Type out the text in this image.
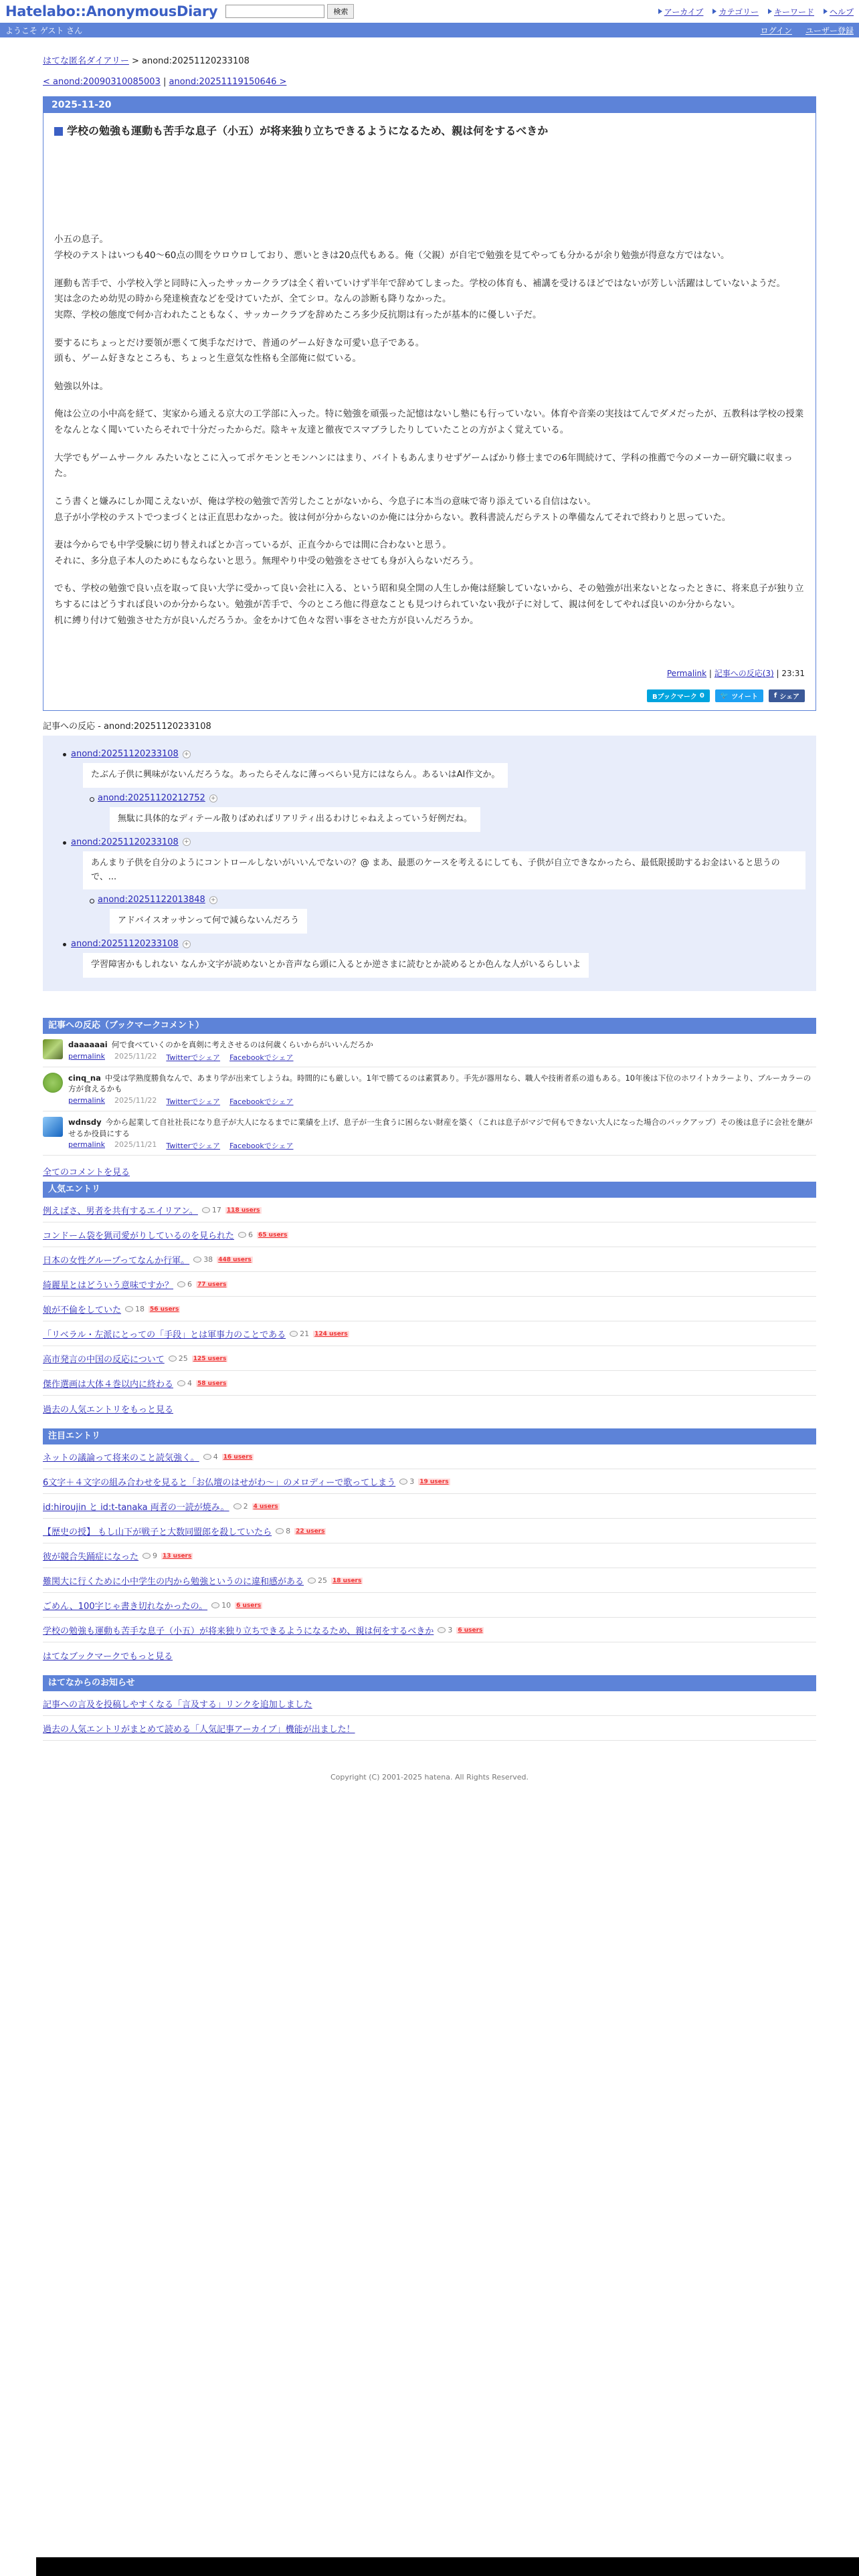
Hatelabo::AnonymousDiary	検索	アーカイブ カテゴリー キーワード ヘルプ
ようこそ ゲスト さん	ログイン ユーザー登録
はてな匿名ダイアリー > anond:20251120233108
< anond:20090310085003 | anond:20251119150646 >
2025-11-20
学校の勉強も運動も苦手な息子（小五）が将来独り立ちできるようになるため、親は何をするべきか

小五の息子。
学校のテストはいつも40〜60点の間をウロウロしており、悪いときは20点代もある。俺（父親）が自宅で勉強を見てやっても分かるが余り勉強が得意な方ではない。

運動も苦手で、小学校入学と同時に入ったサッカークラブは全く着いていけず半年で辞めてしまった。学校の体育も、補講を受けるほどではないが芳しい活躍はしていないようだ。
実は念のため幼児の時から発達検査などを受けていたが、全てシロ。なんの診断も降りなかった。
実際、学校の態度で何か言われたこともなく、サッカークラブを辞めたころ多少反抗期は有ったが基本的に優しい子だ。

要するにちょっとだけ要領が悪くて奥手なだけで、普通のゲーム好きな可愛い息子である。
頭も、ゲーム好きなところも、ちょっと生意気な性格も全部俺に似ている。

勉強以外は。

俺は公立の小中高を経て、実家から通える京大の工学部に入った。特に勉強を頑張った記憶はないし塾にも行っていない。体育や音楽の実技はてんでダメだったが、五教科は学校の授業をなんとなく聞いていたらそれで十分だったからだ。陰キャ友達と徹夜でスマブラしたりしていたことの方がよく覚えている。

大学でもゲームサークル みたいなとこに入ってポケモンとモンハンにはまり、バイトもあんまりせずゲームばかり修士までの6年間続けて、学科の推薦で今のメーカー研究職に収まった。

こう書くと嫌みにしか聞こえないが、俺は学校の勉強で苦労したことがないから、今息子に本当の意味で寄り添えている自信はない。
息子が小学校のテストでつまづくとは正直思わなかった。彼は何が分からないのか俺には分からない。教科書読んだらテストの準備なんてそれで終わりと思っていた。

妻は今からでも中学受験に切り替えればとか言っているが、正直今からでは間に合わないと思う。
それに、多分息子本人のためにもならないと思う。無理やり中受の勉強をさせても身が入らないだろう。

でも、学校の勉強で良い点を取って良い大学に受かって良い会社に入る、という昭和臭全開の人生しか俺は経験していないから、その勉強が出来ないとなったときに、将来息子が独り立ちするにはどうすれば良いのか分からない。勉強が苦手で、今のところ他に得意なことも見つけられていない我が子に対して、親は何をしてやれば良いのか分からない。
机に縛り付けて勉強させた方が良いんだろうか。金をかけて色々な習い事をさせた方が良いんだろうか。

Permalink | 記事への反応(3) | 23:31
Bブックマーク 0 🐦 ツイート f シェア
記事への反応 - anond:20251120233108
anond:20251120233108 +
たぶん子供に興味がないんだろうな。あったらそんなに薄っぺらい見方にはならん。あるいはAI作文か。
anond:20251120212752 +
無駄に具体的なディテール散りばめればリアリティ出るわけじゃねえよっていう好例だね。
anond:20251120233108 +
あんまり子供を自分のようにコントロールしないがいいんでないの？@ まあ、最悪のケースを考えるにしても、子供が自立できなかったら、最低限援助するお金はいると思うので、...
anond:20251122013848 +
アドバイスオッサンって何で減らないんだろう
anond:20251120233108 +
学習障害かもしれない なんか文字が読めないとか音声なら頭に入るとか逆さまに読むとか読めるとか色んな人がいるらしいよ
記事への反応（ブックマークコメント）
daaaaaai 何で食べていくのかを真剣に考えさせるのは何歳くらいからがいいんだろか
permalink 2025/11/22 Twitterでシェア Facebookでシェア
cinq_na 中受は学熟度勝負なんで、あまり学が出来てしようね。時間的にも厳しい。1年で勝てるのは素質あり。手先が器用なら、職人や技術者系の道もある。10年後は下位のホワイトカラーより、ブルーカラーの方が食えるかも
permalink 2025/11/22 Twitterでシェア Facebookでシェア
wdnsdy 今から起業して自社社長になり息子が大人になるまでに業績を上げ、息子が一生食うに困らない財産を築く（これは息子がマジで何もできない大人になった場合のバックアップ）その後は息子に会社を継がせるか役員にする
permalink 2025/11/21 Twitterでシェア Facebookでシェア
全てのコメントを見る
人気エントリ
例えばさ、男者を共有するエイリアン。 17 118 users
コンドーム袋を猟司愛がりしているのを見られた 6 65 users
日本の女性グループってなんか行軍。 38 448 users
綺麗星とはどういう意味ですか？ 6 77 users
娘が不倫をしていた 18 56 users
「リベラル・左派にとっての「手段」とは軍事力のことである 21 124 users
高市発言の中国の反応について 25 125 users
傑作選画は大体４巻以内に終わる 4 58 users
過去の人気エントリをもっと見る
注目エントリ
ネットの議論って将来のこと読気強く。 4 16 users
6文字＋４文字の組み合わせを見ると「お仏壇のはせがわ〜」のメロディーで歌ってしまう 3 19 users
id:hiroujin と id:t-tanaka 両者の一読が焼み。 2 4 users
【歴史の授】 もし山下が戦子と大数同盟郎を殺していたら 8 22 users
彼が競合失踊症になった 9 13 users
難関大に行くために小中学生の内から勉強というのに違和感がある 25 18 users
ごめん、100字じゃ書き切れなかったの。 10 6 users
学校の勉強も運動も苦手な息子（小五）が将来独り立ちできるようになるため、親は何をするべきか 3 6 users
はてなブックマークでもっと見る
はてなからのお知らせ
記事への言及を投稿しやすくなる「言及する」リンクを追加しました
過去の人気エントリがまとめて読める「人気記事アーカイブ」機能が出ました！
Copyright (C) 2001-2025 hatena. All Rights Reserved.
